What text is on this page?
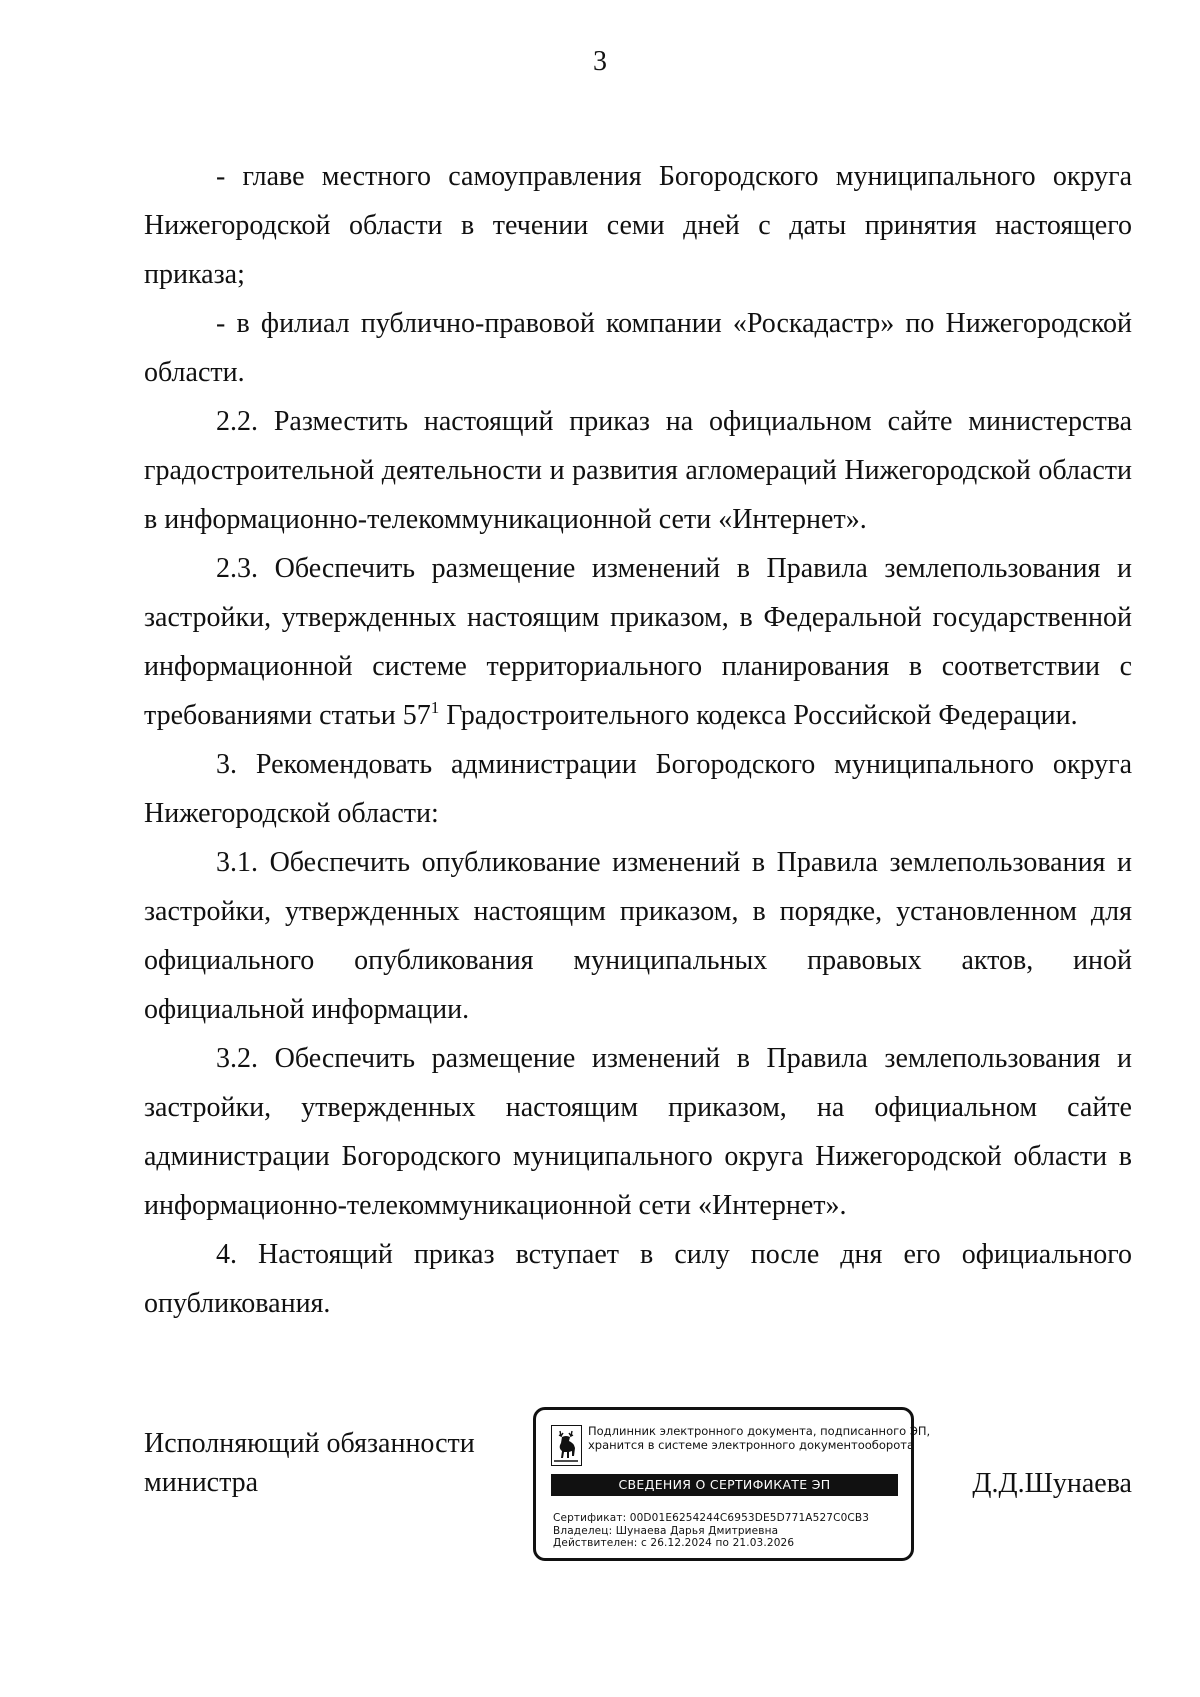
3

- главе местного самоуправления Богородского муниципального округа Нижегородской области в течении семи дней с даты принятия настоящего приказа;

- в филиал публично-правовой компании «Роскадастр» по Нижегородской области.

2.2. Разместить настоящий приказ на официальном сайте министерства градостроительной деятельности и развития агломераций Нижегородской области в информационно-телекоммуникационной сети «Интернет».

2.3. Обеспечить размещение изменений в Правила землепользования и застройки, утвержденных настоящим приказом, в Федеральной государственной информационной системе территориального планирования в соответствии с требованиями статьи $57^1$ Градостроительного кодекса Российской Федерации.

3. Рекомендовать администрации Богородского муниципального округа Нижегородской области:

3.1. Обеспечить опубликование изменений в Правила землепользования и застройки, утвержденных настоящим приказом, в порядке, установленном для официального опубликования муниципальных правовых актов, иной официальной информации.

3.2. Обеспечить размещение изменений в Правила землепользования и застройки, утвержденных настоящим приказом, на официальном сайте администрации Богородского муниципального округа Нижегородской области в информационно-телекоммуникационной сети «Интернет».

4. Настоящий приказ вступает в силу после дня его официального опубликования.

Исполняющий обязанности
министра
Подлинник электронного документа, подписанного ЭП,
хранится в системе электронного документооборота
СВЕДЕНИЯ О СЕРТИФИКАТЕ ЭП
Сертификат: 00D01E6254244C6953DE5D771A527C0CB3
Владелец: Шунаева Дарья Дмитриевна
Действителен: с 26.12.2024 по 21.03.2026
Д.Д.Шунаева
